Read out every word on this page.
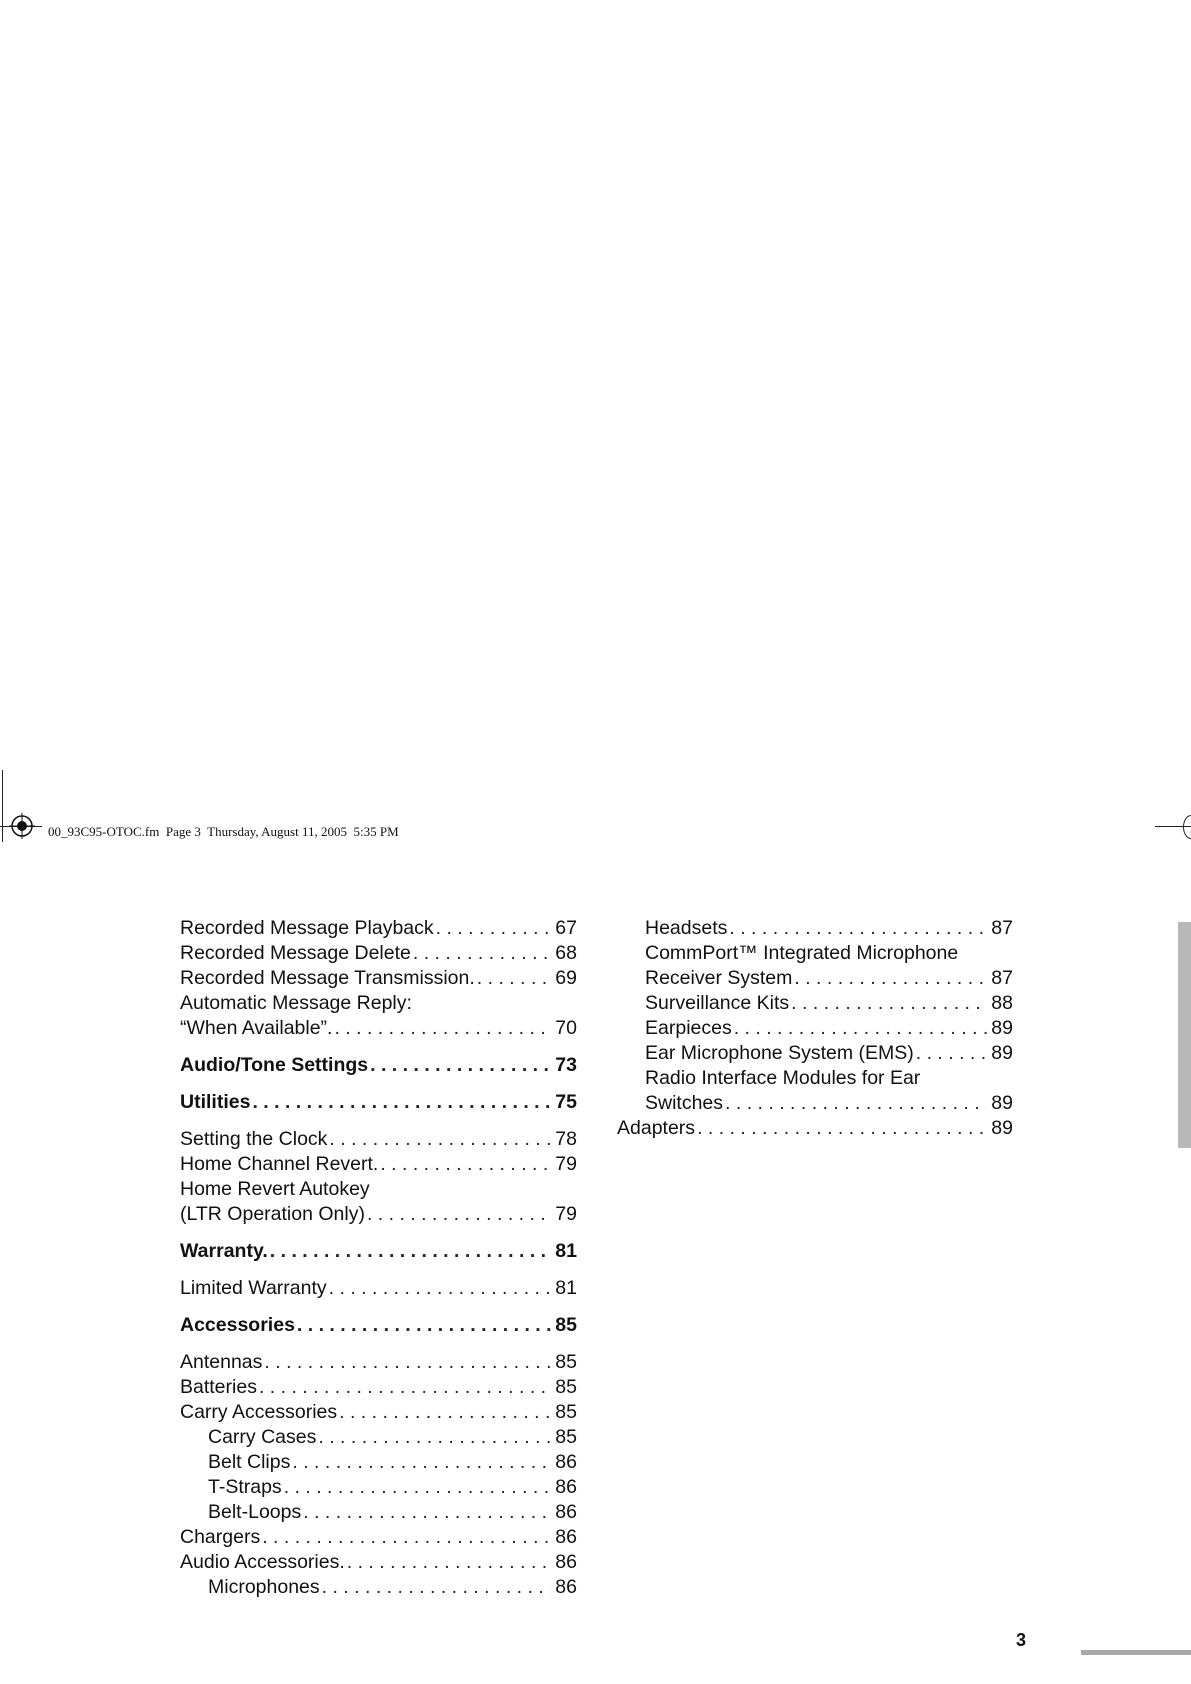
00_93C95-OTOC.fm  Page 3  Thursday, August 11, 2005  5:35 PM
Recorded Message Playback . . .	67
Recorded Message Delete . . .	68
Recorded Message Transmission. . . .	69
Automatic Message Reply:
“When Available”. . . .	70
Audio/Tone Settings . . .	73
Utilities . . .	75
Setting the Clock . . .	78
Home Channel Revert. . . .	79
Home Revert Autokey
(LTR Operation Only) . . .	79
Warranty. . . .	81
Limited Warranty . . .	81
Accessories . . .	85
Antennas . . .	85
Batteries . . .	85
Carry Accessories . . .	85
Carry Cases . . .	85
Belt Clips . . .	86
T-Straps . . .	86
Belt-Loops . . .	86
Chargers . . .	86
Audio Accessories. . . .	86
Microphones . . .	86
Headsets . . .	87
CommPort™ Integrated Microphone
Receiver System . . .	87
Surveillance Kits . . .	88
Earpieces . . .	89
Ear Microphone System (EMS) . . .	89
Radio Interface Modules for Ear
Switches . . .	89
Adapters . . .	89
3
